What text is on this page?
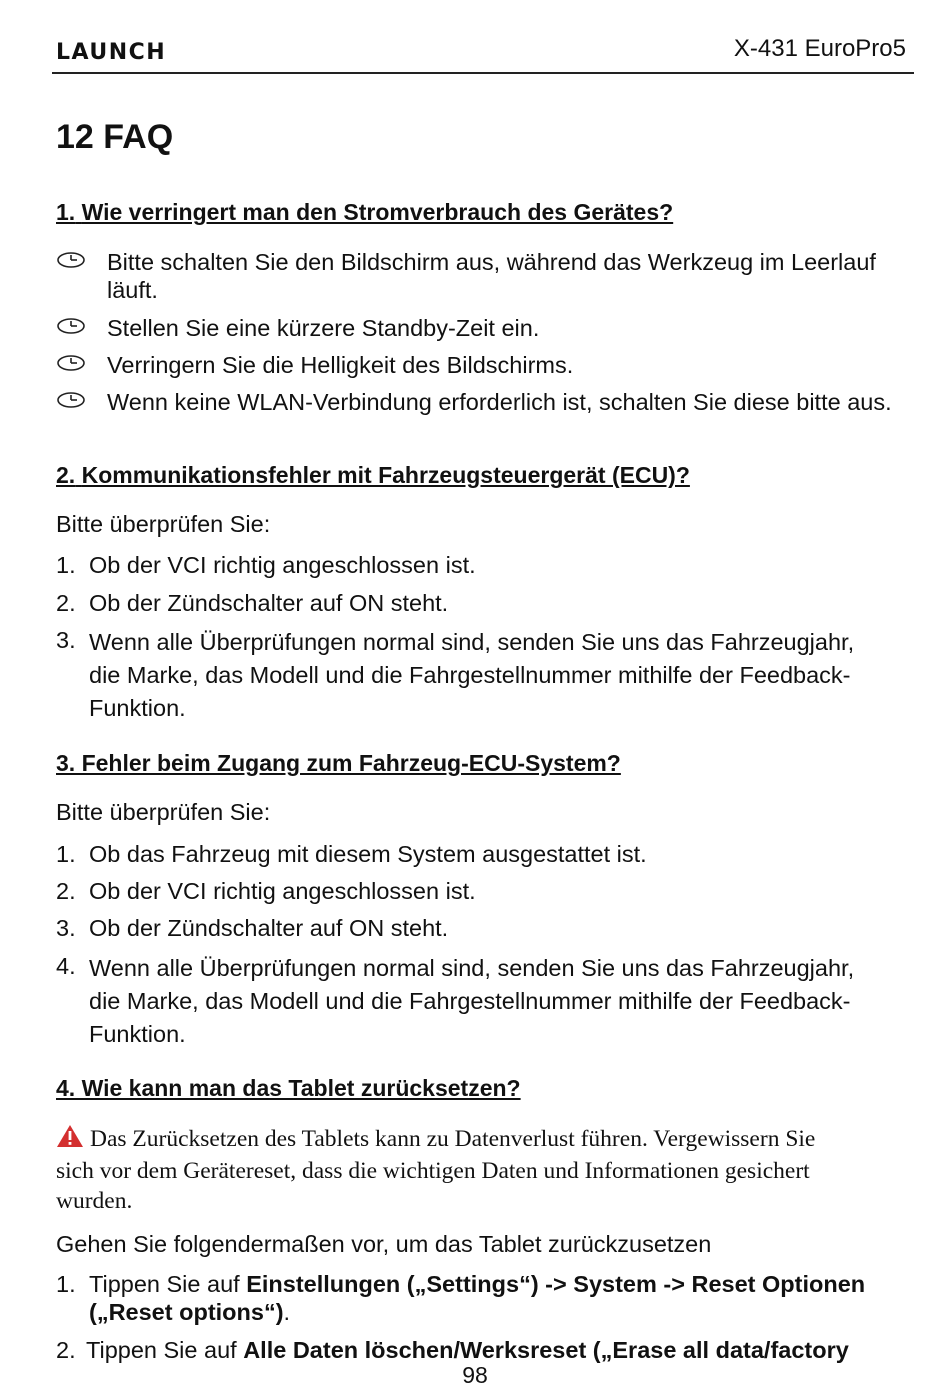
LAUNCH	X-431 EuroPro5
12 FAQ
1. Wie verringert man den Stromverbrauch des Gerätes?
Bitte schalten Sie den Bildschirm aus, während das Werkzeug im Leerlauf läuft.
Stellen Sie eine kürzere Standby-Zeit ein.
Verringern Sie die Helligkeit des Bildschirms.
Wenn keine WLAN-Verbindung erforderlich ist, schalten Sie diese bitte aus.
2. Kommunikationsfehler mit Fahrzeugsteuergerät (ECU)?
Bitte überprüfen Sie:
1. Ob der VCI richtig angeschlossen ist.
2. Ob der Zündschalter auf ON steht.
3. Wenn alle Überprüfungen normal sind, senden Sie uns das Fahrzeugjahr, die Marke, das Modell und die Fahrgestellnummer mithilfe der Feedback-Funktion.
3. Fehler beim Zugang zum Fahrzeug-ECU-System?
Bitte überprüfen Sie:
1. Ob das Fahrzeug mit diesem System ausgestattet ist.
2. Ob der VCI richtig angeschlossen ist.
3. Ob der Zündschalter auf ON steht.
4. Wenn alle Überprüfungen normal sind, senden Sie uns das Fahrzeugjahr, die Marke, das Modell und die Fahrgestellnummer mithilfe der Feedback-Funktion.
4. Wie kann man das Tablet zurücksetzen?
Das Zurücksetzen des Tablets kann zu Datenverlust führen. Vergewissern Sie sich vor dem Gerätereset, dass die wichtigen Daten und Informationen gesichert wurden.
Gehen Sie folgendermaßen vor, um das Tablet zurückzusetzen
1. Tippen Sie auf Einstellungen („Settings“) -> System -> Reset Optionen („Reset options“).
2. Tippen Sie auf Alle Daten löschen/Werksreset („Erase all data/factory
98
